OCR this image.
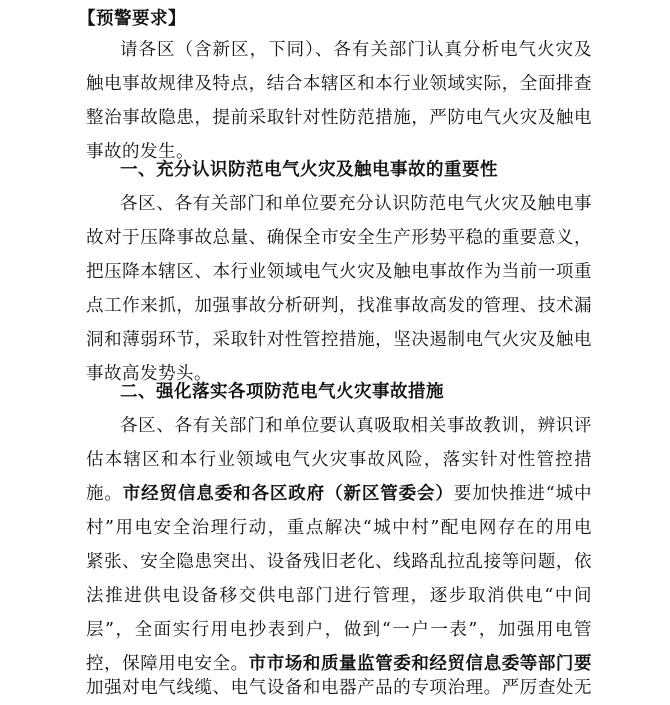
【预警要求】
请各区（含新区，下同）、各有关部门认真分析电气火灾及
触电事故规律及特点，结合本辖区和本行业领域实际，全面排查
整治事故隐患，提前采取针对性防范措施，严防电气火灾及触电
事故的发生。
一、充分认识防范电气火灾及触电事故的重要性
各区、各有关部门和单位要充分认识防范电气火灾及触电事
故对于压降事故总量、确保全市安全生产形势平稳的重要意义，
把压降本辖区、本行业领域电气火灾及触电事故作为当前一项重
点工作来抓，加强事故分析研判，找准事故高发的管理、技术漏
洞和薄弱环节，采取针对性管控措施，坚决遏制电气火灾及触电
事故高发势头。
二、强化落实各项防范电气火灾事故措施
各区、各有关部门和单位要认真吸取相关事故教训，辨识评
估本辖区和本行业领域电气火灾事故风险，落实针对性管控措
施。市经贸信息委和各区政府（新区管委会）要加快推进“城中
村”用电安全治理行动，重点解决“城中村”配电网存在的用电
紧张、安全隐患突出、设备残旧老化、线路乱拉乱接等问题，依
法推进供电设备移交供电部门进行管理，逐步取消供电“中间
层”，全面实行用电抄表到户，做到“一户一表”，加强用电管
控，保障用电安全。市市场和质量监管委和经贸信息委等部门要
加强对电气线缆、电气设备和电器产品的专项治理。严厉查处无
